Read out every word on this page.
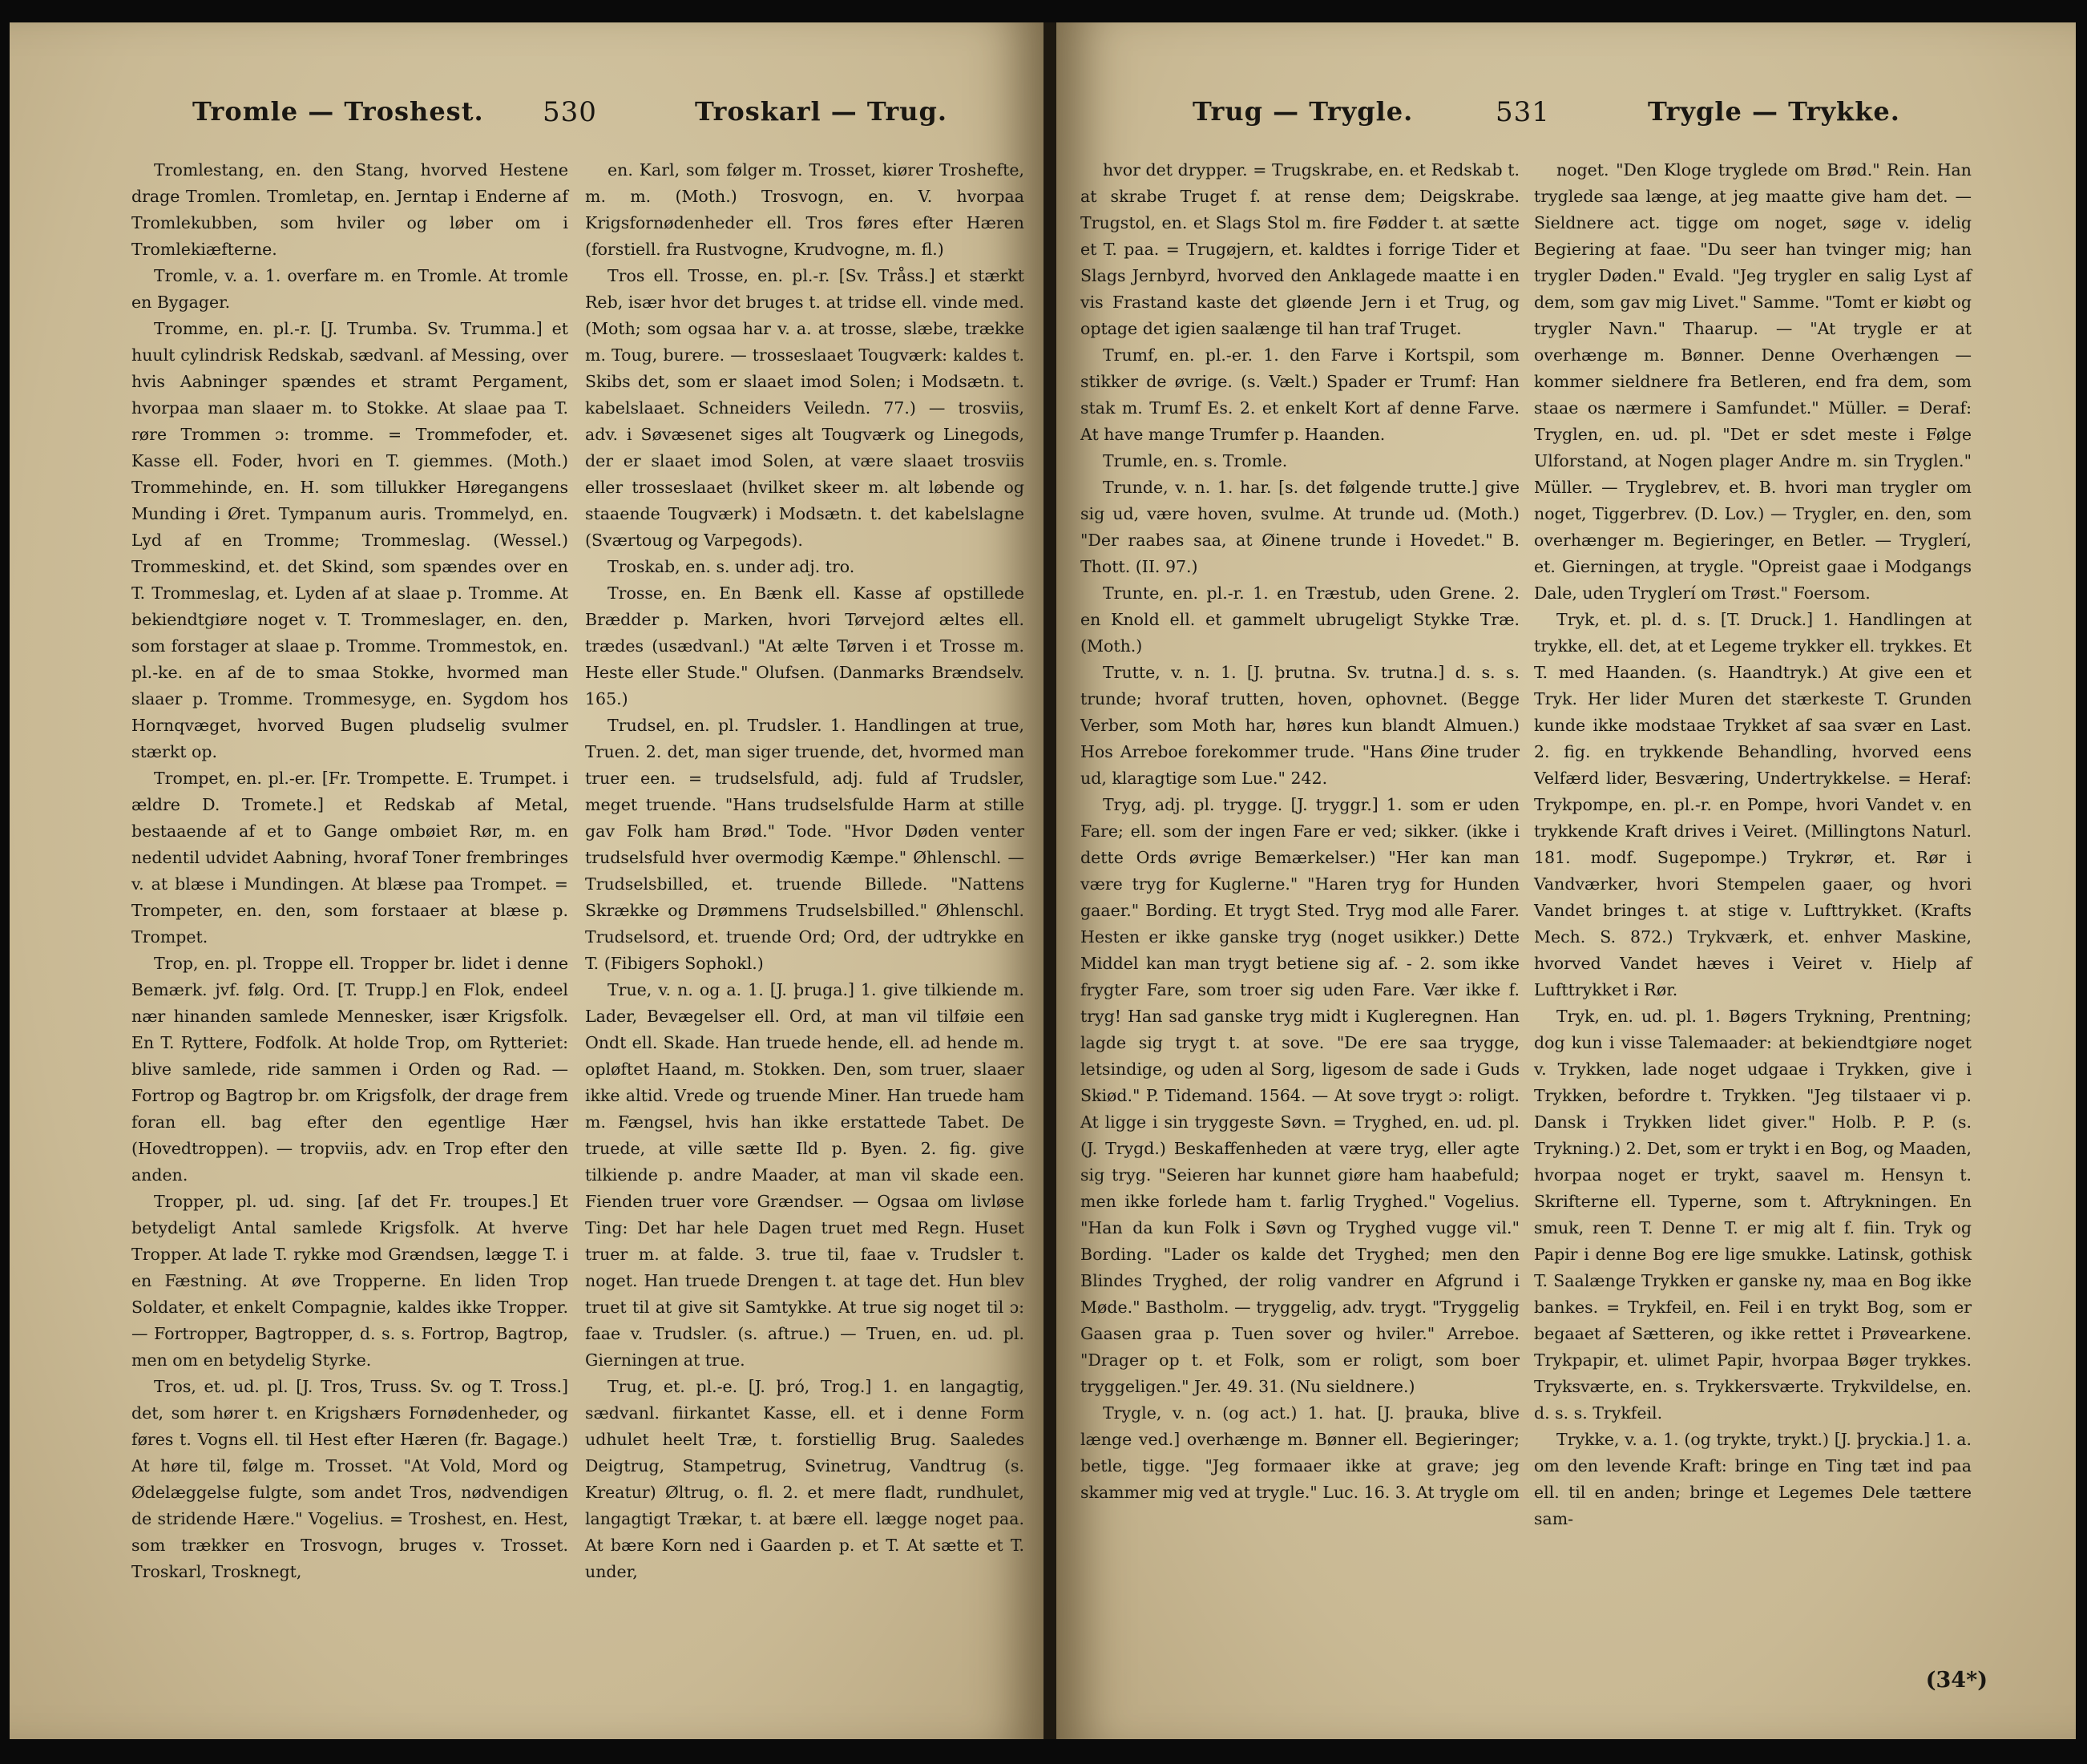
Tromle — Troshest. 530	Troskarl — Trug.

Tromlestang, en. den Stang, hvorved Hestene drage Tromlen. Tromletap, en. Jerntap i Enderne af Tromlekubben, som hviler og løber om i Tromlekiæfterne.

Tromle, v. a. 1. overfare m. en Tromle. At tromle en Bygager.

Tromme, en. pl.-r. [J. Trumba. Sv. Trumma.] et huult cylindrisk Redskab, sædvanl. af Messing, over hvis Aabninger spændes et stramt Pergament, hvorpaa man slaaer m. to Stokke. At slaae paa T. røre Trommen ɔ: tromme. = Trommefoder, et. Kasse ell. Foder, hvori en T. giemmes. (Moth.) Trommehinde, en. H. som tillukker Høregangens Munding i Øret. Tympanum auris. Trommelyd, en. Lyd af en Tromme; Trommeslag. (Wessel.) Trommeskind, et. det Skind, som spændes over en T. Trommeslag, et. Lyden af at slaae p. Tromme. At bekiendtgiøre noget v. T. Trommeslager, en. den, som forstager at slaae p. Tromme. Trommestok, en. pl.-ke. en af de to smaa Stokke, hvormed man slaaer p. Tromme. Trommesyge, en. Sygdom hos Hornqvæget, hvorved Bugen pludselig svulmer stærkt op.

Trompet, en. pl.-er. [Fr. Trompette. E. Trumpet. i ældre D. Tromete.] et Redskab af Metal, bestaaende af et to Gange ombøiet Rør, m. en nedentil udvidet Aabning, hvoraf Toner frembringes v. at blæse i Mundingen. At blæse paa Trompet. = Trompeter, en. den, som forstaaer at blæse p. Trompet.

Trop, en. pl. Troppe ell. Tropper br. lidet i denne Bemærk. jvf. følg. Ord. [T. Trupp.] en Flok, endeel nær hinanden samlede Mennesker, især Krigsfolk. En T. Ryttere, Fodfolk. At holde Trop, om Rytteriet: blive samlede, ride sammen i Orden og Rad. — Fortrop og Bagtrop br. om Krigsfolk, der drage frem foran ell. bag efter den egentlige Hær (Hovedtroppen). — tropviis, adv. en Trop efter den anden.

Tropper, pl. ud. sing. [af det Fr. troupes.] Et betydeligt Antal samlede Krigsfolk. At hverve Tropper. At lade T. rykke mod Grændsen, lægge T. i en Fæstning. At øve Tropperne. En liden Trop Soldater, et enkelt Compagnie, kaldes ikke Tropper. — Fortropper, Bagtropper, d. s. s. Fortrop, Bagtrop, men om en betydelig Styrke.

Tros, et. ud. pl. [J. Tros, Truss. Sv. og T. Tross.] det, som hører t. en Krigshærs Fornødenheder, og føres t. Vogns ell. til Hest efter Hæren (fr. Bagage.) At høre til, følge m. Trosset. "At Vold, Mord og Ødelæggelse fulgte, som andet Tros, nødvendigen de stridende Hære." Vogelius. = Troshest, en. Hest, som trækker en Trosvogn, bruges v. Trosset. Troskarl, Trosknegt,

en. Karl, som følger m. Trosset, kiører Troshefte, m. m. (Moth.) Trosvogn, en. V. hvorpaa Krigsfornødenheder ell. Tros føres efter Hæren (forstiell. fra Rustvogne, Krudvogne, m. fl.)

Tros ell. Trosse, en. pl.-r. [Sv. Tråss.] et stærkt Reb, især hvor det bruges t. at tridse ell. vinde med. (Moth; som ogsaa har v. a. at trosse, slæbe, trække m. Toug, burere. — trosseslaaet Tougværk: kaldes t. Skibs det, som er slaaet imod Solen; i Modsætn. t. kabelslaaet. Schneiders Veiledn. 77.) — trosviis, adv. i Søvæsenet siges alt Tougværk og Linegods, der er slaaet imod Solen, at være slaaet trosviis eller trosseslaaet (hvilket skeer m. alt løbende og staaende Tougværk) i Modsætn. t. det kabelslagne (Sværtoug og Varpegods).

Troskab, en. s. under adj. tro.

Trosse, en. En Bænk ell. Kasse af opstillede Brædder p. Marken, hvori Tørvejord æltes ell. trædes (usædvanl.) "At ælte Tørven i et Trosse m. Heste eller Stude." Olufsen. (Danmarks Brændselv. 165.)

Trudsel, en. pl. Trudsler. 1. Handlingen at true, Truen. 2. det, man siger truende, det, hvormed man truer een. = trudselsfuld, adj. fuld af Trudsler, meget truende. "Hans trudselsfulde Harm at stille gav Folk ham Brød." Tode. "Hvor Døden venter trudselsfuld hver overmodig Kæmpe." Øhlenschl. — Trudselsbilled, et. truende Billede. "Nattens Skrække og Drømmens Trudselsbilled." Øhlenschl. Trudselsord, et. truende Ord; Ord, der udtrykke en T. (Fibigers Sophokl.)

True, v. n. og a. 1. [J. þruga.] 1. give tilkiende m. Lader, Bevægelser ell. Ord, at man vil tilføie een Ondt ell. Skade. Han truede hende, ell. ad hende m. opløftet Haand, m. Stokken. Den, som truer, slaaer ikke altid. Vrede og truende Miner. Han truede ham m. Fængsel, hvis han ikke erstattede Tabet. De truede, at ville sætte Ild p. Byen. 2. fig. give tilkiende p. andre Maader, at man vil skade een. Fienden truer vore Grændser. — Ogsaa om livløse Ting: Det har hele Dagen truet med Regn. Huset truer m. at falde. 3. true til, faae v. Trudsler t. noget. Han truede Drengen t. at tage det. Hun blev truet til at give sit Samtykke. At true sig noget til ɔ: faae v. Trudsler. (s. aftrue.) — Truen, en. ud. pl. Gierningen at true.

Trug, et. pl.-e. [J. þró, Trog.] 1. en langagtig, sædvanl. fiirkantet Kasse, ell. et i denne Form udhulet heelt Træ, t. forstiellig Brug. Saaledes Deigtrug, Stampetrug, Svinetrug, Vandtrug (s. Kreatur) Øltrug, o. fl. 2. et mere fladt, rundhulet, langagtigt Trækar, t. at bære ell. lægge noget paa. At bære Korn ned i Gaarden p. et T. At sætte et T. under,

Trug — Trygle.	531	Trygle — Trykke.

hvor det drypper. = Trugskrabe, en. et Redskab t. at skrabe Truget f. at rense dem; Deigskrabe. Trugstol, en. et Slags Stol m. fire Fødder t. at sætte et T. paa. = Trugøjern, et. kaldtes i forrige Tider et Slags Jernbyrd, hvorved den Anklagede maatte i en vis Frastand kaste det gløende Jern i et Trug, og optage det igien saalænge til han traf Truget.

Trumf, en. pl.-er. 1. den Farve i Kortspil, som stikker de øvrige. (s. Vælt.) Spader er Trumf: Han stak m. Trumf Es. 2. et enkelt Kort af denne Farve. At have mange Trumfer p. Haanden.

Trumle, en. s. Tromle.

Trunde, v. n. 1. har. [s. det følgende trutte.] give sig ud, være hoven, svulme. At trunde ud. (Moth.) "Der raabes saa, at Øinene trunde i Hovedet." B. Thott. (II. 97.)

Trunte, en. pl.-r. 1. en Træstub, uden Grene. 2. en Knold ell. et gammelt ubrugeligt Stykke Træ. (Moth.)

Trutte, v. n. 1. [J. þrutna. Sv. trutna.] d. s. s. trunde; hvoraf trutten, hoven, ophovnet. (Begge Verber, som Moth har, høres kun blandt Almuen.) Hos Arreboe forekommer trude. "Hans Øine truder ud, klaragtige som Lue." 242.

Tryg, adj. pl. trygge. [J. tryggr.] 1. som er uden Fare; ell. som der ingen Fare er ved; sikker. (ikke i dette Ords øvrige Bemærkelser.) "Her kan man være tryg for Kuglerne." "Haren tryg for Hunden gaaer." Bording. Et trygt Sted. Tryg mod alle Farer. Hesten er ikke ganske tryg (noget usikker.) Dette Middel kan man trygt betiene sig af. - 2. som ikke frygter Fare, som troer sig uden Fare. Vær ikke f. tryg! Han sad ganske tryg midt i Kugleregnen. Han lagde sig trygt t. at sove. "De ere saa trygge, letsindige, og uden al Sorg, ligesom de sade i Guds Skiød." P. Tidemand. 1564. — At sove trygt ɔ: roligt. At ligge i sin tryggeste Søvn. = Tryghed, en. ud. pl. (J. Trygd.) Beskaffenheden at være tryg, eller agte sig tryg. "Seieren har kunnet giøre ham haabefuld; men ikke forlede ham t. farlig Tryghed." Vogelius. "Han da kun Folk i Søvn og Tryghed vugge vil." Bording. "Lader os kalde det Tryghed; men den Blindes Tryghed, der rolig vandrer en Afgrund i Møde." Bastholm. — tryggelig, adv. trygt. "Tryggelig Gaasen graa p. Tuen sover og hviler." Arreboe. "Drager op t. et Folk, som er roligt, som boer tryggeligen." Jer. 49. 31. (Nu sieldnere.)

Trygle, v. n. (og act.) 1. hat. [J. þrauka, blive længe ved.] overhænge m. Bønner ell. Begieringer; betle, tigge. "Jeg formaaer ikke at grave; jeg skammer mig ved at trygle." Luc. 16. 3. At trygle om

noget. "Den Kloge tryglede om Brød." Rein. Han tryglede saa længe, at jeg maatte give ham det. — Sieldnere act. tigge om noget, søge v. idelig Begiering at faae. "Du seer han tvinger mig; han trygler Døden." Evald. "Jeg trygler en salig Lyst af dem, som gav mig Livet." Samme. "Tomt er kiøbt og trygler Navn." Thaarup. — "At trygle er at overhænge m. Bønner. Denne Overhængen — kommer sieldnere fra Betleren, end fra dem, som staae os nærmere i Samfundet." Müller. = Deraf: Tryglen, en. ud. pl. "Det er sdet meste i Følge Ulforstand, at Nogen plager Andre m. sin Tryglen." Müller. — Tryglebrev, et. B. hvori man trygler om noget, Tiggerbrev. (D. Lov.) — Trygler, en. den, som overhænger m. Begieringer, en Betler. — Tryglerí, et. Gierningen, at trygle. "Opreist gaae i Modgangs Dale, uden Tryglerí om Trøst." Foersom.

Tryk, et. pl. d. s. [T. Druck.] 1. Handlingen at trykke, ell. det, at et Legeme trykker ell. trykkes. Et T. med Haanden. (s. Haandtryk.) At give een et Tryk. Her lider Muren det stærkeste T. Grunden kunde ikke modstaae Trykket af saa svær en Last. 2. fig. en trykkende Behandling, hvorved eens Velfærd lider, Besværing, Undertrykkelse. = Heraf: Trykpompe, en. pl.-r. en Pompe, hvori Vandet v. en trykkende Kraft drives i Veiret. (Millingtons Naturl. 181. modf. Sugepompe.) Trykrør, et. Rør i Vandværker, hvori Stempelen gaaer, og hvori Vandet bringes t. at stige v. Lufttrykket. (Krafts Mech. S. 872.) Trykværk, et. enhver Maskine, hvorved Vandet hæves i Veiret v. Hielp af Lufttrykket i Rør.

Tryk, en. ud. pl. 1. Bøgers Trykning, Prentning; dog kun i visse Talemaader: at bekiendtgiøre noget v. Trykken, lade noget udgaae i Trykken, give i Trykken, befordre t. Trykken. "Jeg tilstaaer vi p. Dansk i Trykken lidet giver." Holb. P. P. (s. Trykning.) 2. Det, som er trykt i en Bog, og Maaden, hvorpaa noget er trykt, saavel m. Hensyn t. Skrifterne ell. Typerne, som t. Aftrykningen. En smuk, reen T. Denne T. er mig alt f. fiin. Tryk og Papir i denne Bog ere lige smukke. Latinsk, gothisk T. Saalænge Trykken er ganske ny, maa en Bog ikke bankes. = Trykfeil, en. Feil i en trykt Bog, som er begaaet af Sætteren, og ikke rettet i Prøvearkene. Trykpapir, et. ulimet Papir, hvorpaa Bøger trykkes. Tryksværte, en. s. Trykkersværte. Trykvildelse, en. d. s. s. Trykfeil.

Trykke, v. a. 1. (og trykte, trykt.) [J. þryckia.] 1. a. om den levende Kraft: bringe en Ting tæt ind paa ell. til en anden; bringe et Legemes Dele tættere sam-

(34*)
